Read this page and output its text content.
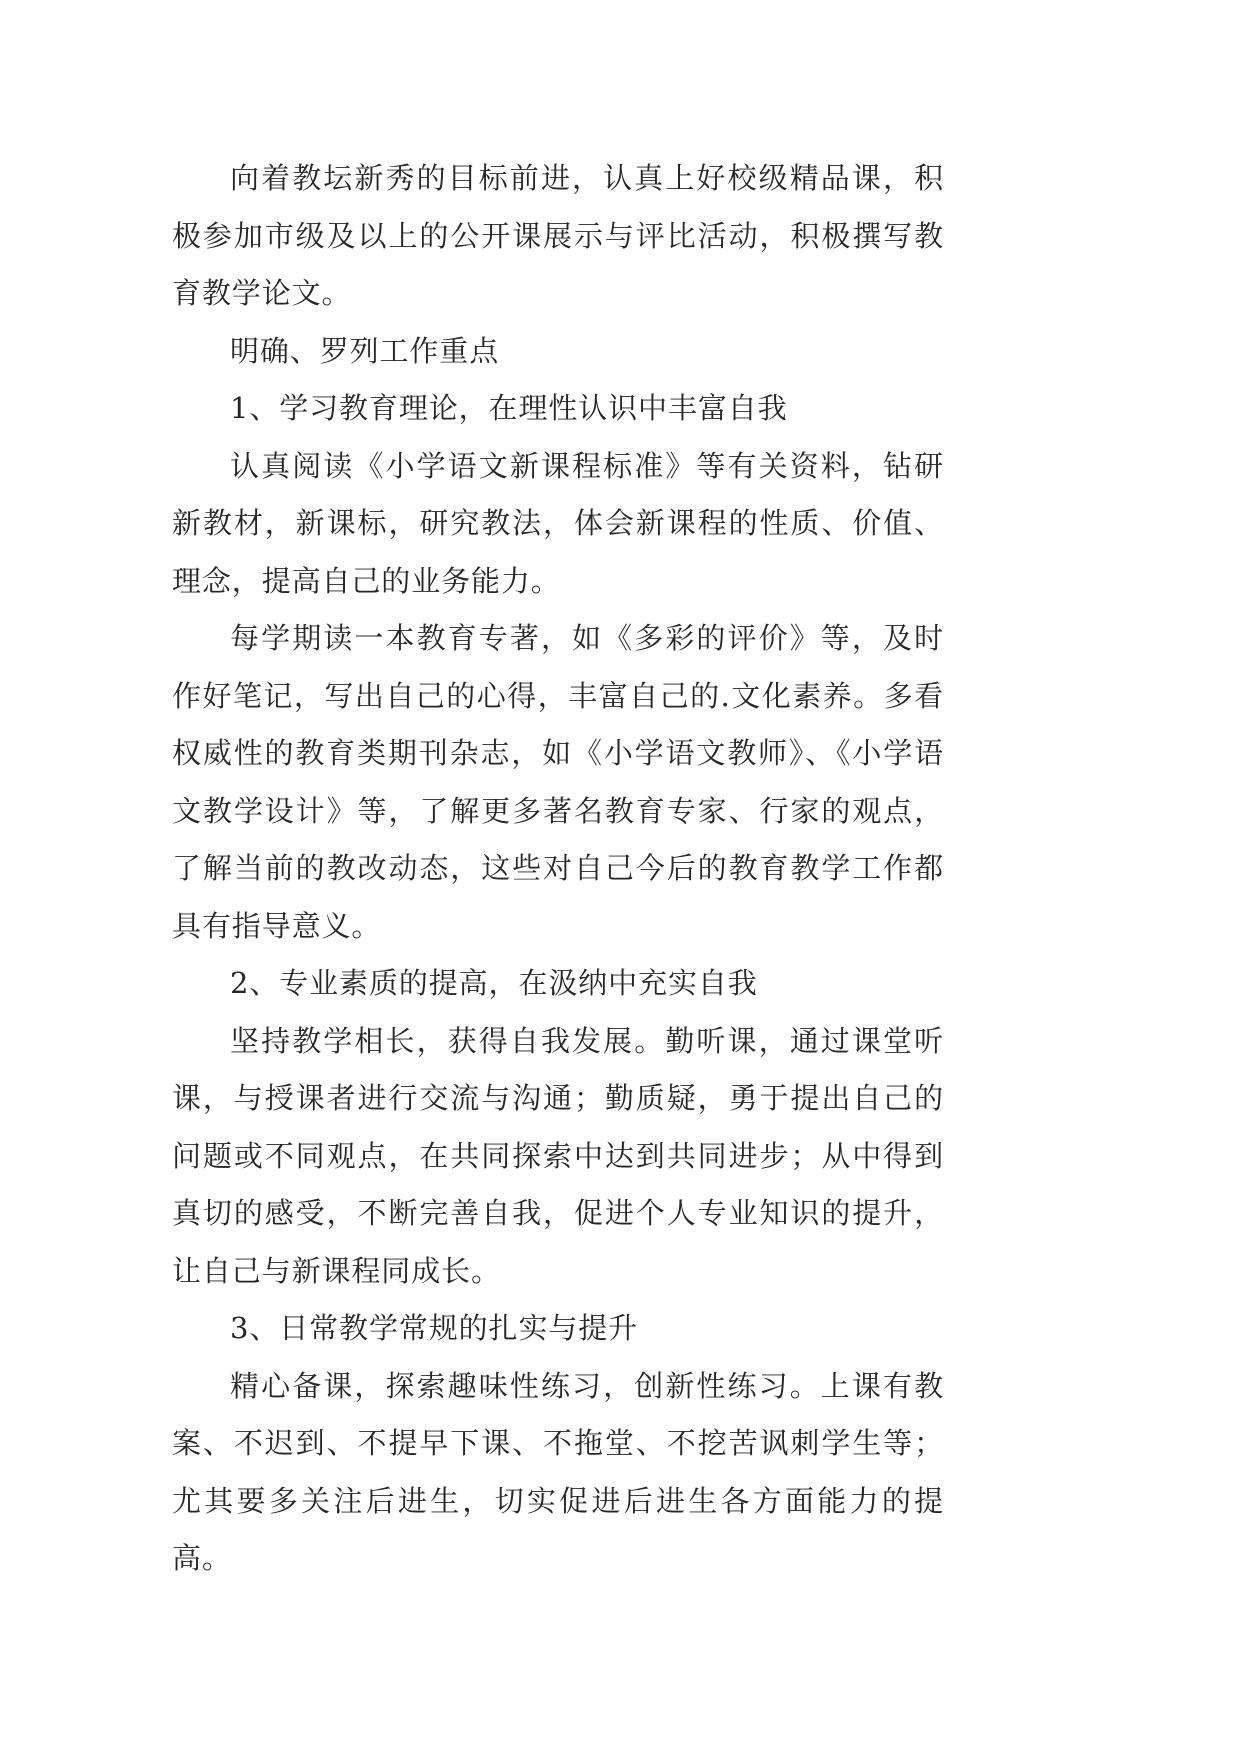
向着教坛新秀的目标前进，认真上好校级精品课，积极参加市级及以上的公开课展示与评比活动，积极撰写教育教学论文。

明确、罗列工作重点

1、学习教育理论，在理性认识中丰富自我

认真阅读《小学语文新课程标准》等有关资料，钻研新教材，新课标，研究教法，体会新课程的性质、价值、理念，提高自己的业务能力。

每学期读一本教育专著，如《多彩的评价》等，及时作好笔记，写出自己的心得，丰富自己的.文化素养。多看权威性的教育类期刊杂志，如《小学语文教师》、《小学语文教学设计》等，了解更多著名教育专家、行家的观点，了解当前的教改动态，这些对自己今后的教育教学工作都具有指导意义。

2、专业素质的提高，在汲纳中充实自我

坚持教学相长，获得自我发展。勤听课，通过课堂听课，与授课者进行交流与沟通；勤质疑，勇于提出自己的问题或不同观点，在共同探索中达到共同进步；从中得到真切的感受，不断完善自我，促进个人专业知识的提升，让自己与新课程同成长。

3、日常教学常规的扎实与提升

精心备课，探索趣味性练习，创新性练习。上课有教案、不迟到、不提早下课、不拖堂、不挖苦讽刺学生等；尤其要多关注后进生，切实促进后进生各方面能力的提高。
